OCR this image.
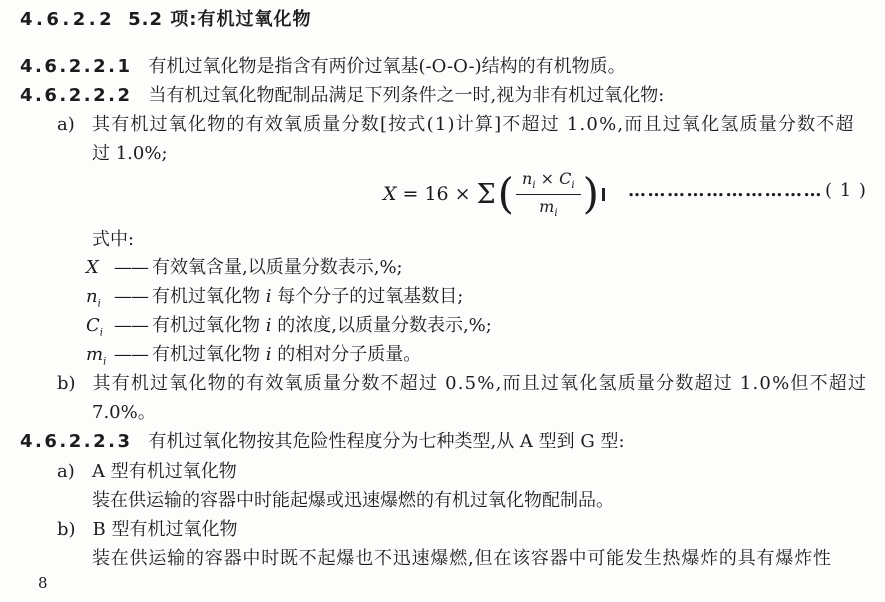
4.6.2.2 5.2 项:有机过氧化物
4.6.2.2.1 有机过氧化物是指含有两价过氧基(-O-O-)结构的有机物质。
4.6.2.2.2 当有机过氧化物配制品满足下列条件之一时,视为非有机过氧化物:
a) 其有机过氧化物的有效氧质量分数[按式(1)计算]不超过 1.0%,而且过氧化氢质量分数不超
过 1.0%;
X = 16 × Σ ( $\frac{n_i \times C_i}{m_i}$ ) ………………………… ( 1 )
式中:
X —— 有效氧含量,以质量分数表示,%;
$n_i$ —— 有机过氧化物 i 每个分子的过氧基数目;
$C_i$ —— 有机过氧化物 i 的浓度,以质量分数表示,%;
$m_i$ —— 有机过氧化物 i 的相对分子质量。
b) 其有机过氧化物的有效氧质量分数不超过 0.5%,而且过氧化氢质量分数超过 1.0%但不超过
7.0%。
4.6.2.2.3 有机过氧化物按其危险性程度分为七种类型,从 A 型到 G 型:
a) A 型有机过氧化物
装在供运输的容器中时能起爆或迅速爆燃的有机过氧化物配制品。
b) B 型有机过氧化物
装在供运输的容器中时既不起爆也不迅速爆燃,但在该容器中可能发生热爆炸的具有爆炸性
8
